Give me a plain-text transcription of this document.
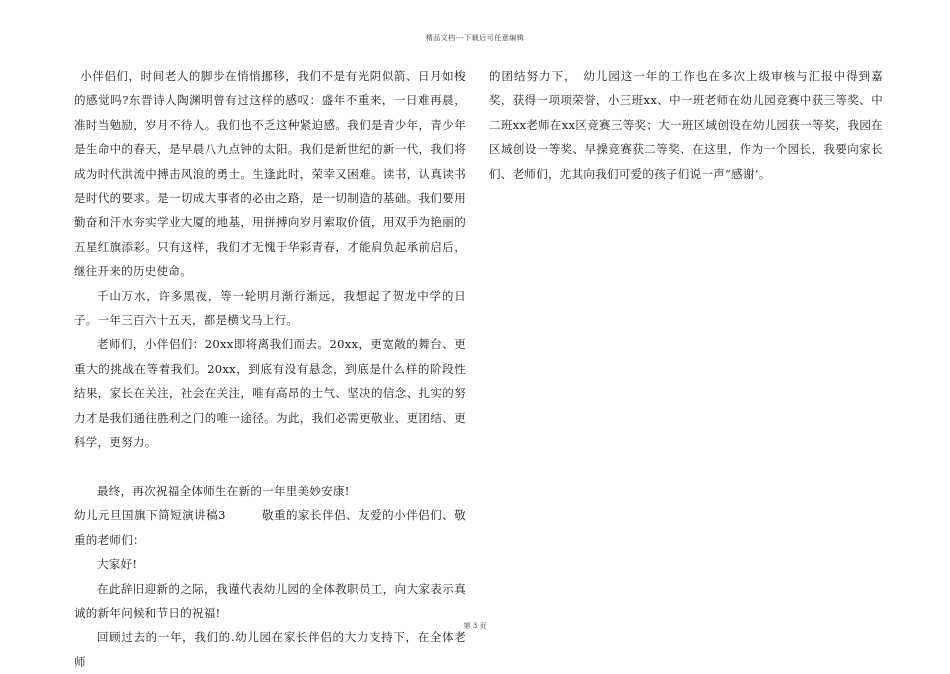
精品文档---下载后可任意编辑

小伴侣们，时间老人的脚步在悄悄挪移，我们不是有光阴似箭、日月如梭的感觉吗?东晋诗人陶渊明曾有过这样的感叹：盛年不重来，一日难再晨，准时当勉励，岁月不待人。我们也不乏这种紧迫感。我们是青少年，青少年是生命中的春天，是早晨八九点钟的太阳。我们是新世纪的新一代，我们将成为时代洪流中搏击风浪的勇士。生逢此时，荣幸又困难。读书，认真读书是时代的要求。是一切成大事者的必由之路，是一切制造的基础。我们要用勤奋和汗水夯实学业大厦的地基，用拼搏向岁月索取价值，用双手为艳丽的五星红旗添彩。只有这样，我们才无愧于华彩青春，才能肩负起承前启后，继往开来的历史使命。

千山万水，许多黑夜，等一轮明月渐行渐远，我想起了贺龙中学的日子。一年三百六十五天，都是横戈马上行。

老师们，小伴侣们：20xx即将离我们而去。20xx，更宽敞的舞台、更重大的挑战在等着我们。20xx，到底有没有悬念，到底是什么样的阶段性结果，家长在关注，社会在关注，唯有高昂的士气、坚决的信念、扎实的努力才是我们通往胜利之门的唯一途径。为此，我们必需更敬业、更团结、更科学，更努力。

最终，再次祝福全体师生在新的一年里美妙安康!

幼儿元旦国旗下简短演讲稿3　　　敬重的家长伴侣、友爱的小伴侣们、敬重的老师们：

大家好!

在此辞旧迎新的之际，我谨代表幼儿园的全体教职员工，向大家表示真诚的新年问候和节日的祝福!

回顾过去的一年，我们的.幼儿园在家长伴侣的大力支持下，在全体老师

的团结努力下，　幼儿园这一年的工作也在多次上级审核与汇报中得到嘉奖，获得一项项荣誉，小三班xx、中一班老师在幼儿园竞赛中获三等奖、中二班xx老师在xx区竞赛三等奖；大一班区域创设在幼儿园获一等奖，我园在区域创设一等奖、早操竞赛获二等奖、在这里，作为一个园长，我要向家长们、老师们，尤其向我们可爱的孩子们说一声“感谢’。

第 3 页
